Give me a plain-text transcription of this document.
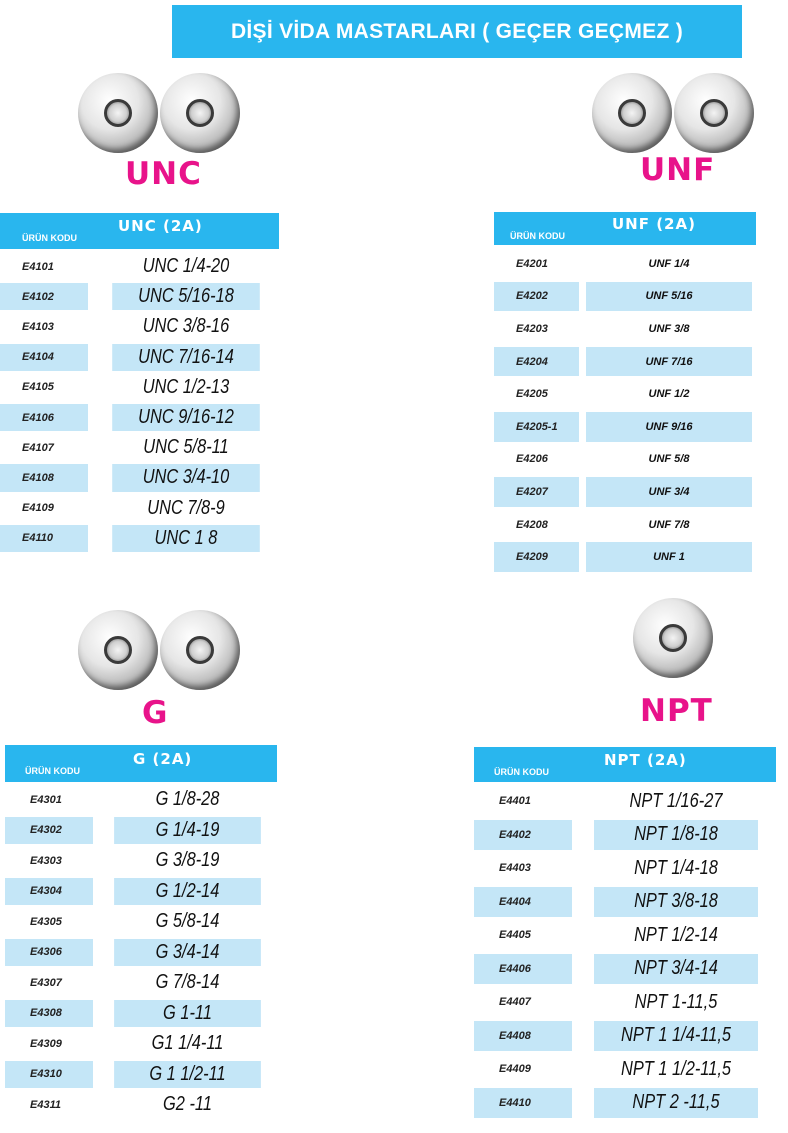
DİŞİ VİDA MASTARLARI ( GEÇER GEÇMEZ )
UNC	UNF
G	NPT
ÜRÜN KODU
UNC (2A)
E4101	UNC 1/4-20
E4102	UNC 5/16-18
E4103	UNC 3/8-16
E4104	UNC 7/16-14
E4105	UNC 1/2-13
E4106	UNC 9/16-12
E4107	UNC 5/8-11
E4108	UNC 3/4-10
E4109	UNC 7/8-9
E4110	UNC 1 8
ÜRÜN KODU
UNF (2A)
E4201	UNF 1/4
E4202	UNF 5/16
E4203	UNF 3/8
E4204	UNF 7/16
E4205	UNF 1/2
E4205-1	UNF 9/16
E4206	UNF 5/8
E4207	UNF 3/4
E4208	UNF 7/8
E4209	UNF 1
ÜRÜN KODU
G (2A)
E4301	G 1/8-28
E4302	G 1/4-19
E4303	G 3/8-19
E4304	G 1/2-14
E4305	G 5/8-14
E4306	G 3/4-14
E4307	G 7/8-14
E4308	G 1-11
E4309	G1 1/4-11
E4310	G 1 1/2-11
E4311	G2 -11
ÜRÜN KODU
NPT (2A)
E4401	NPT 1/16-27
E4402	NPT 1/8-18
E4403	NPT 1/4-18
E4404	NPT 3/8-18
E4405	NPT 1/2-14
E4406	NPT 3/4-14
E4407	NPT 1-11,5
E4408	NPT 1 1/4-11,5
E4409	NPT 1 1/2-11,5
E4410	NPT 2 -11,5
